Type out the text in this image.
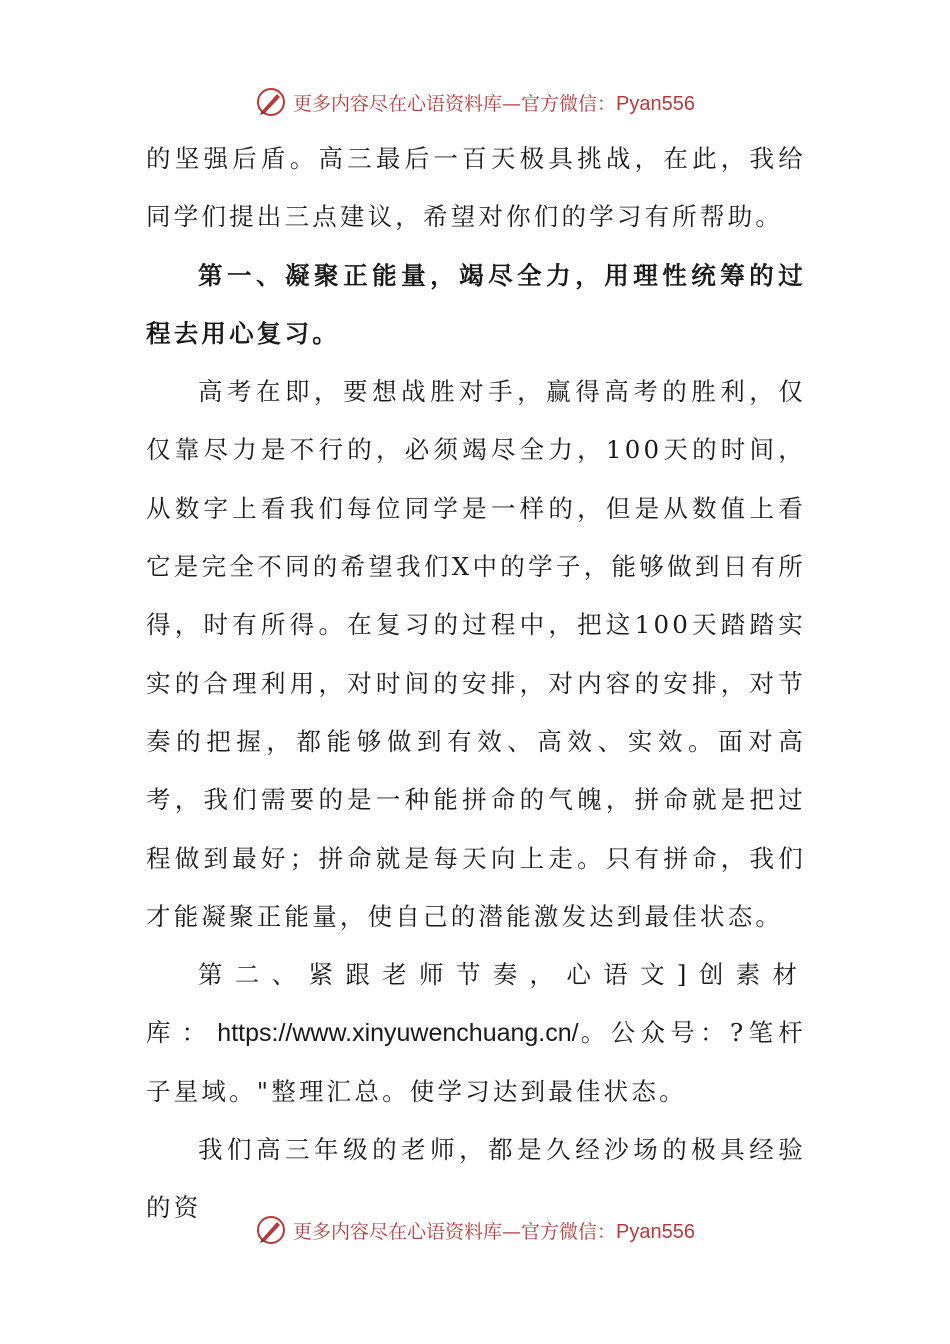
更多内容尽在心语资料库—官方微信：Pyan556

的坚强后盾。高三最后一百天极具挑战，在此，我给同学们提出三点建议，希望对你们的学习有所帮助。

第一、凝聚正能量，竭尽全力，用理性统筹的过程去用心复习。

高考在即，要想战胜对手，赢得高考的胜利，仅仅靠尽力是不行的，必须竭尽全力，100天的时间，从数字上看我们每位同学是一样的，但是从数值上看它是完全不同的希望我们X中的学子，能够做到日有所得，时有所得。在复习的过程中，把这100天踏踏实实的合理利用，对时间的安排，对内容的安排，对节奏的把握，都能够做到有效、高效、实效。面对高考，我们需要的是一种能拼命的气魄，拼命就是把过程做到最好；拼命就是每天向上走。只有拼命，我们才能凝聚正能量，使自己的潜能激发达到最佳状态。

第二、紧跟老师节奏，心语文]创素材库：https://www.xinyuwenchuang.cn/。公众号：?笔杆子星域。"整理汇总。使学习达到最佳状态。

我们高三年级的老师，都是久经沙场的极具经验的资

更多内容尽在心语资料库—官方微信：Pyan556
